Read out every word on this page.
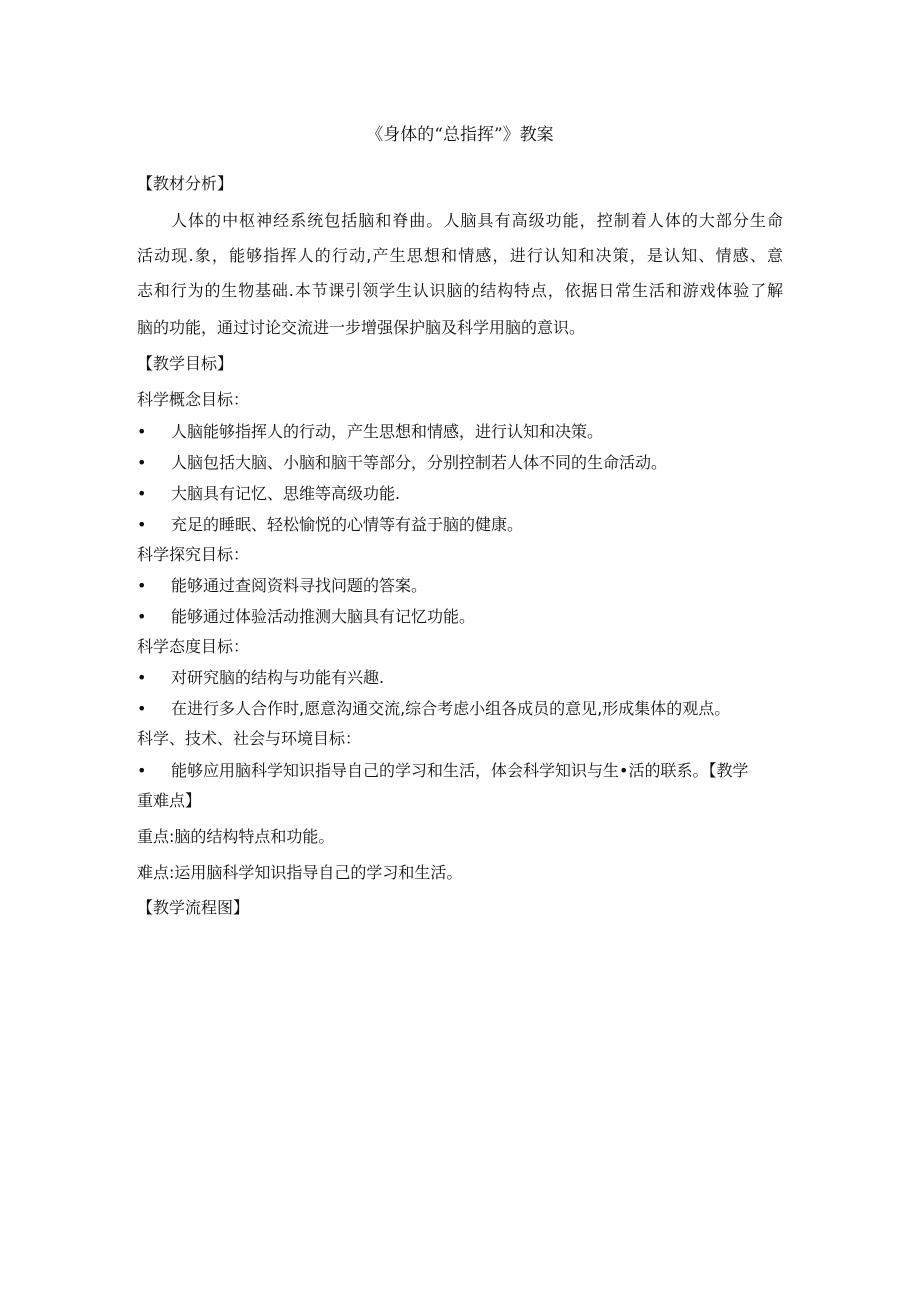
《身体的“总指挥”》教案
【教材分析】
人体的中枢神经系统包括脑和脊曲。人脑具有高级功能，控制着人体的大部分生命
活动现.象，能够指挥人的行动,产生思想和情感，进行认知和决策，是认知、情感、意
志和行为的生物基础.本节课引领学生认识脑的结构特点，依据日常生活和游戏体验了解
脑的功能，通过讨论交流进一步增强保护脑及科学用脑的意识。
【教学目标】
科学概念目标：
• 人脑能够指挥人的行动，产生思想和情感，进行认知和决策。
• 人脑包括大脑、小脑和脑干等部分，分别控制若人体不同的生命活动。
• 大脑具有记忆、思维等高级功能.
• 充足的睡眠、轻松愉悦的心情等有益于脑的健康。
科学探究目标：
• 能够通过查阅资料寻找问题的答案。
• 能够通过体验活动推测大脑具有记忆功能。
科学态度目标：
• 对研究脑的结构与功能有兴趣.
• 在进行多人合作时,愿意沟通交流,综合考虑小组各成员的意见,形成集体的观点。
科学、技术、社会与环境目标：
• 能够应用脑科学知识指导自己的学习和生活，体会科学知识与生•活的联系。【教学
重难点】
重点:脑的结构特点和功能。
难点:运用脑科学知识指导自己的学习和生活。
【教学流程图】
